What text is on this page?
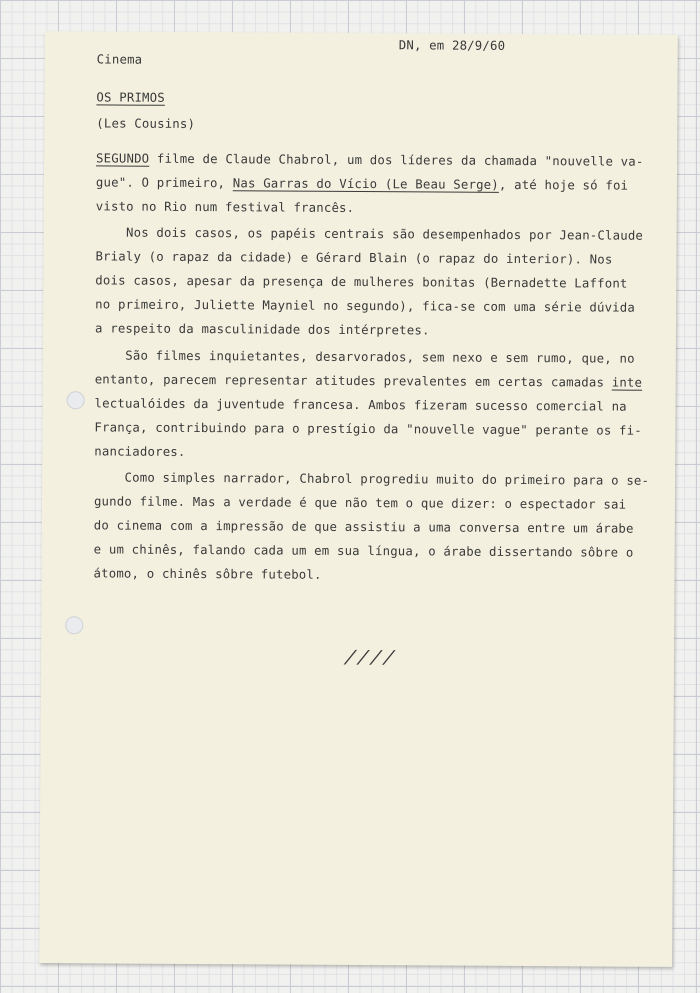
DN, em 28/9/60
Cinema
OS PRIMOS
(Les Cousins)
SEGUNDO filme de Claude Chabrol, um dos líderes da chamada "nouvelle va-
gue". O primeiro, Nas Garras do Vício (Le Beau Serge), até hoje só foi
visto no Rio num festival francês.
Nos dois casos, os papéis centrais são desempenhados por Jean-Claude
Brialy (o rapaz da cidade) e Gérard Blain (o rapaz do interior). Nos
dois casos, apesar da presença de mulheres bonitas (Bernadette Laffont
no primeiro, Juliette Mayniel no segundo), fica-se com uma série dúvida
a respeito da masculinidade dos intérpretes.
São filmes inquietantes, desarvorados, sem nexo e sem rumo, que, no
entanto, parecem representar atitudes prevalentes em certas camadas inte
lectualóides da juventude francesa. Ambos fizeram sucesso comercial na
França, contribuindo para o prestígio da "nouvelle vague" perante os fi-
nanciadores.
Como simples narrador, Chabrol progrediu muito do primeiro para o se-
gundo filme. Mas a verdade é que não tem o que dizer: o espectador sai
do cinema com a impressão de que assistiu a uma conversa entre um árabe
e um chinês, falando cada um em sua língua, o árabe dissertando sôbre o
átomo, o chinês sôbre futebol.
////
